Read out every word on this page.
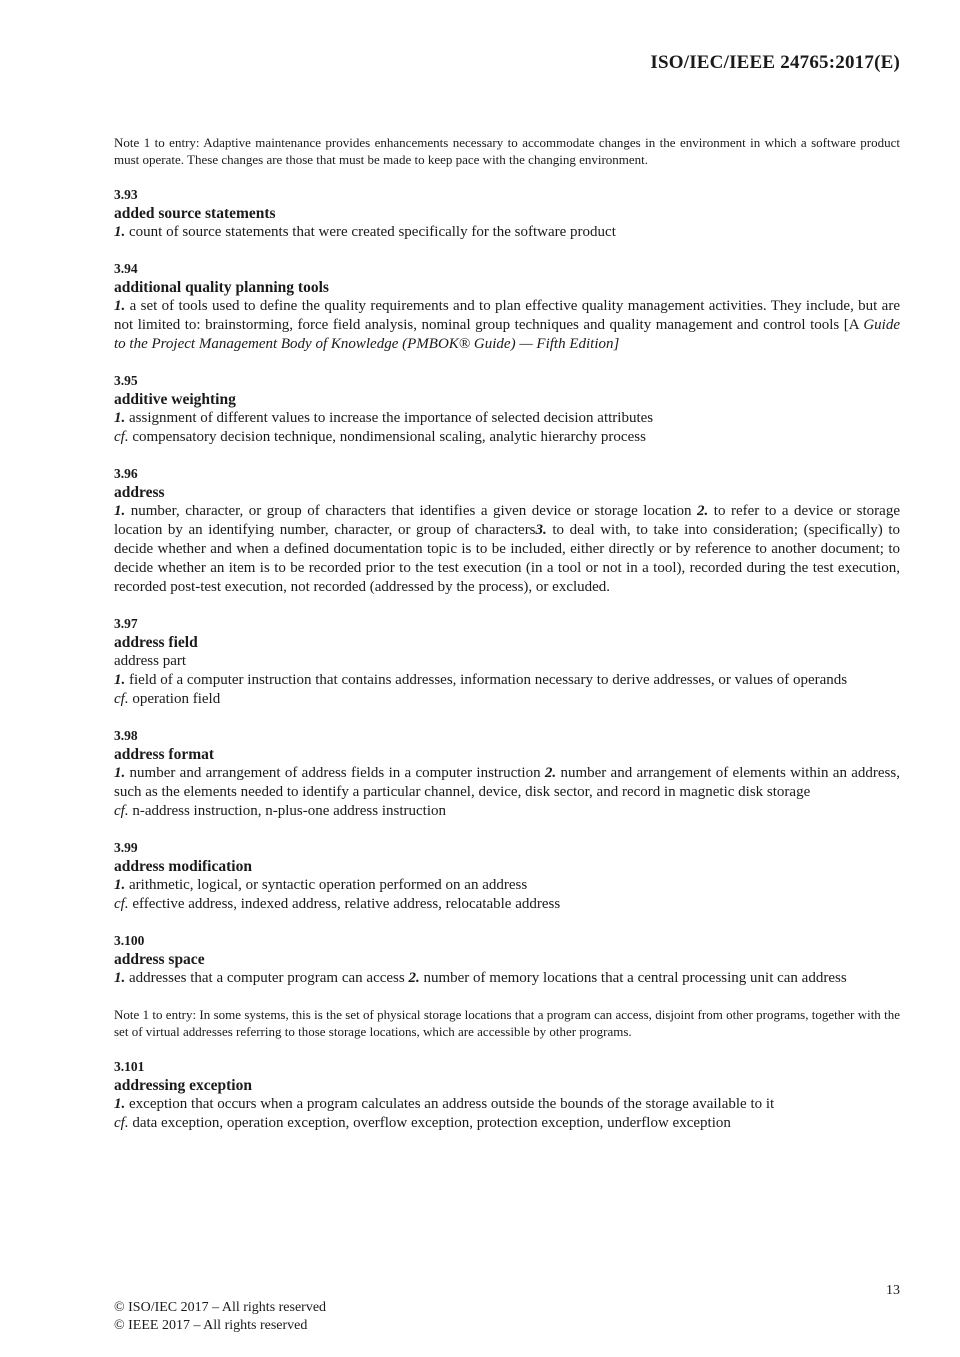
ISO/IEC/IEEE 24765:2017(E)

Note 1 to entry: Adaptive maintenance provides enhancements necessary to accommodate changes in the environment in which a software product must operate. These changes are those that must be made to keep pace with the changing environment.

3.93
added source statements

1. count of source statements that were created specifically for the software product

3.94
additional quality planning tools

1. a set of tools used to define the quality requirements and to plan effective quality management activities. They include, but are not limited to: brainstorming, force field analysis, nominal group techniques and quality management and control tools [A Guide to the Project Management Body of Knowledge (PMBOK® Guide) — Fifth Edition]

3.95
additive weighting

1. assignment of different values to increase the importance of selected decision attributes

cf. compensatory decision technique, nondimensional scaling, analytic hierarchy process

3.96
address

1. number, character, or group of characters that identifies a given device or storage location 2. to refer to a device or storage location by an identifying number, character, or group of characters3. to deal with, to take into consideration; (specifically) to decide whether and when a defined documentation topic is to be included, either directly or by reference to another document; to decide whether an item is to be recorded prior to the test execution (in a tool or not in a tool), recorded during the test execution, recorded post-test execution, not recorded (addressed by the process), or excluded.

3.97
address field
address part

1. field of a computer instruction that contains addresses, information necessary to derive addresses, or values of operands

cf. operation field

3.98
address format

1. number and arrangement of address fields in a computer instruction 2. number and arrangement of elements within an address, such as the elements needed to identify a particular channel, device, disk sector, and record in magnetic disk storage

cf. n-address instruction, n-plus-one address instruction

3.99
address modification

1. arithmetic, logical, or syntactic operation performed on an address

cf. effective address, indexed address, relative address, relocatable address

3.100
address space

1. addresses that a computer program can access 2. number of memory locations that a central processing unit can address

Note 1 to entry: In some systems, this is the set of physical storage locations that a program can access, disjoint from other programs, together with the set of virtual addresses referring to those storage locations, which are accessible by other programs.

3.101
addressing exception

1. exception that occurs when a program calculates an address outside the bounds of the storage available to it

cf. data exception, operation exception, overflow exception, protection exception, underflow exception

13
© ISO/IEC 2017 – All rights reserved
© IEEE 2017 – All rights reserved
